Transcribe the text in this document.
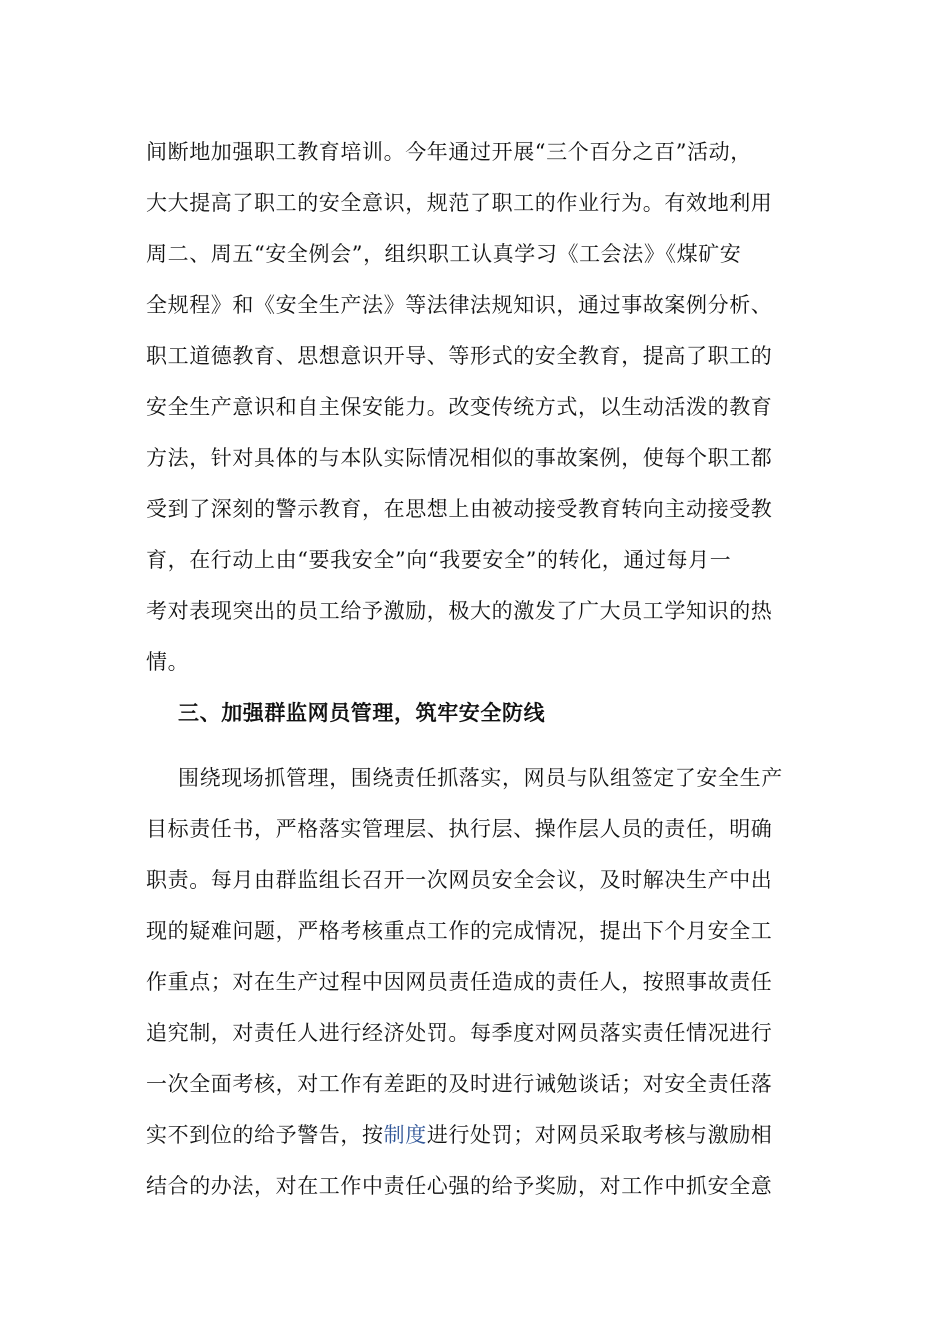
间断地加强职工教育培训。今年通过开展“三个百分之百”活动，
大大提高了职工的安全意识，规范了职工的作业行为。有效地利用
周二、周五“安全例会”，组织职工认真学习《工会法》《煤矿安
全规程》和《安全生产法》等法律法规知识，通过事故案例分析、
职工道德教育、思想意识开导、等形式的安全教育，提高了职工的
安全生产意识和自主保安能力。改变传统方式，以生动活泼的教育
方法，针对具体的与本队实际情况相似的事故案例，使每个职工都
受到了深刻的警示教育，在思想上由被动接受教育转向主动接受教
育，在行动上由“要我安全”向“我要安全”的转化，通过每月一
考对表现突出的员工给予激励，极大的激发了广大员工学知识的热
情。
三、加强群监网员管理，筑牢安全防线
围绕现场抓管理，围绕责任抓落实，网员与队组签定了安全生产
目标责任书，严格落实管理层、执行层、操作层人员的责任，明确
职责。每月由群监组长召开一次网员安全会议，及时解决生产中出
现的疑难问题，严格考核重点工作的完成情况，提出下个月安全工
作重点；对在生产过程中因网员责任造成的责任人，按照事故责任
追究制，对责任人进行经济处罚。每季度对网员落实责任情况进行
一次全面考核，对工作有差距的及时进行诫勉谈话；对安全责任落
实不到位的给予警告，按制度进行处罚；对网员采取考核与激励相
结合的办法，对在工作中责任心强的给予奖励，对工作中抓安全意
